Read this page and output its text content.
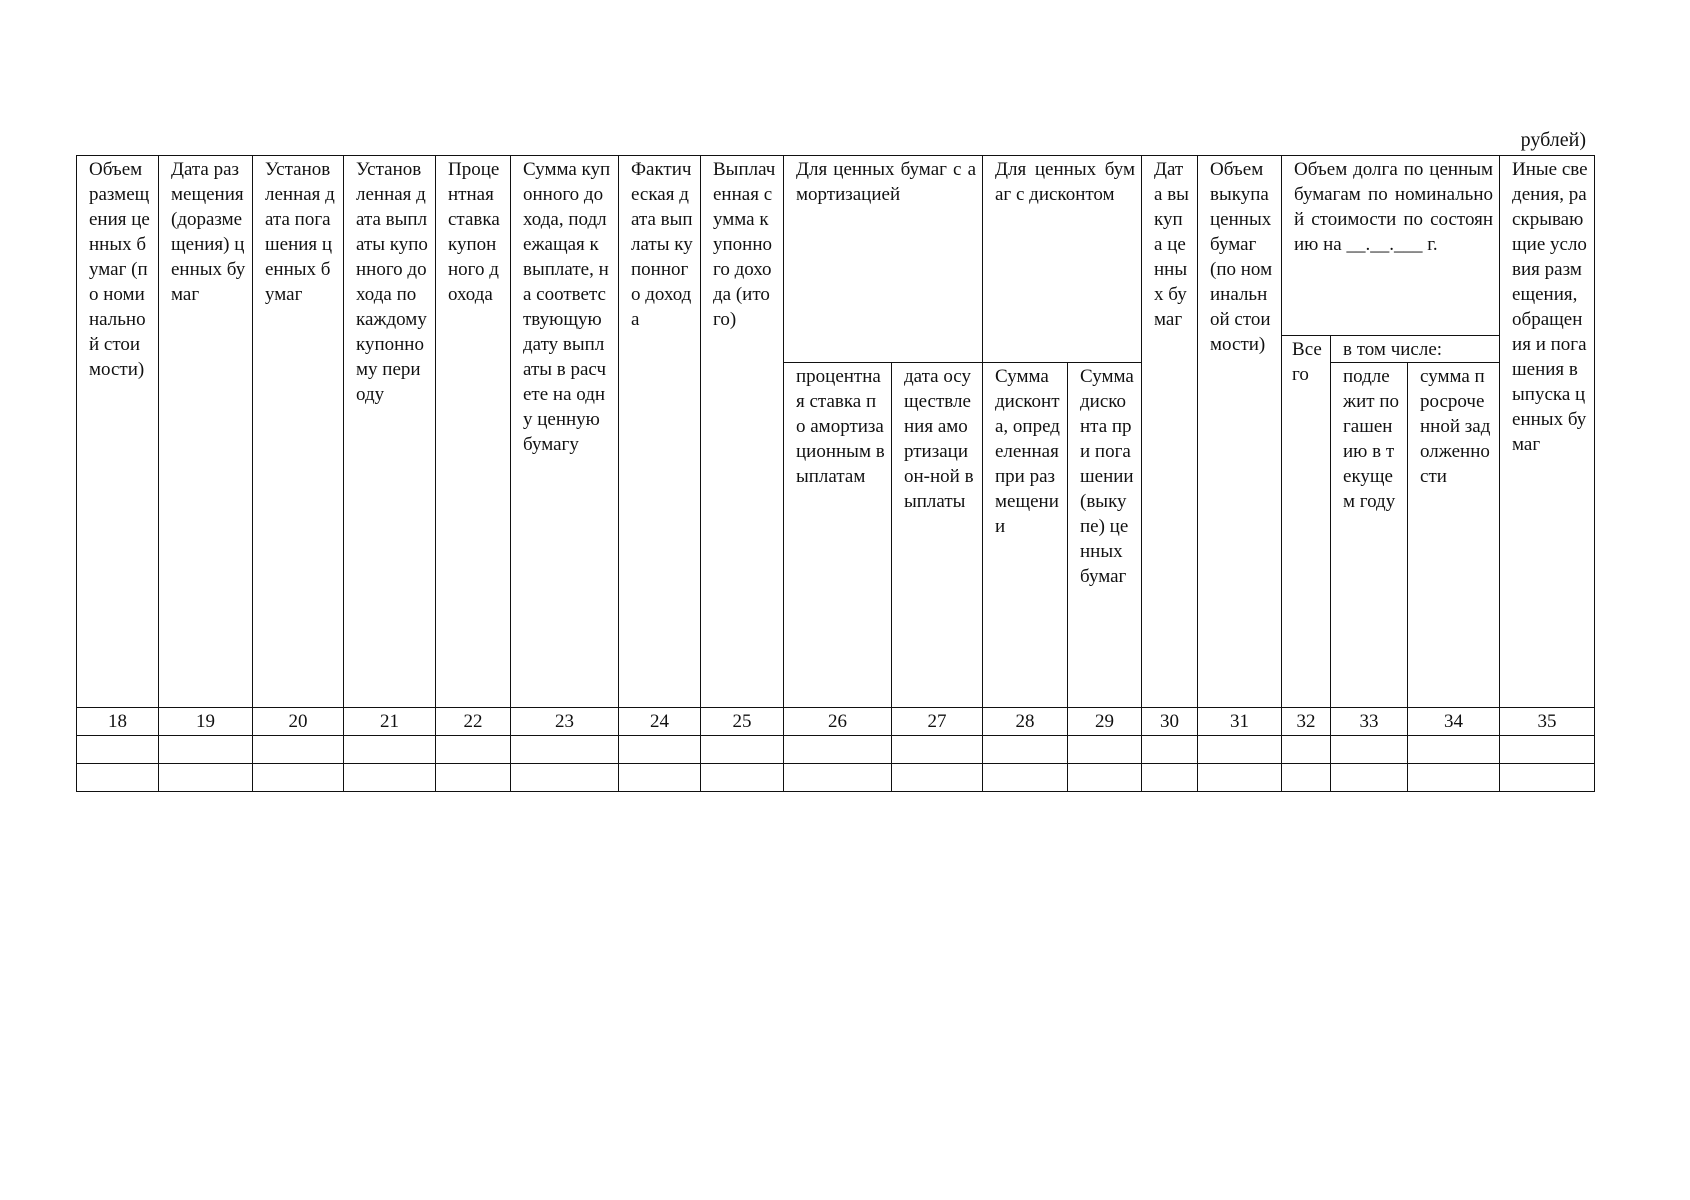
рублей)
Объем размещения ценных бумаг (по номинальной стоимости)	Дата размещения (доразмещения) ценных бумаг	Установленная дата погашения ценных бумаг	Установленная дата выплаты купонного дохода по каждому купонному периоду	Процентная ставка купонного дохода	Сумма купонного дохода, подлежащая к выплате, на соответствующую дату выплаты в расчете на одну ценную бумагу	Фактическая дата выплаты купонного дохода	Выплаченная сумма купонного дохода (итого)	Для ценных бумаг с амортизацией		Для ценных бумаг с дисконтом		Дата выкупа ценных бумаг	Объем выкупа ценных бумаг (по номинальной стоимости)	Объем долга по ценным бумагам по номинальной стоимости по состоянию на __.__.___ г.			Иные сведения, раскрывающие условия размещения, обращения и погашения выпуска ценных бумаг
														Всего	в том числе:		
								процентная ставка по амортизационным выплатам	дата осуществления амортизацион-ной выплаты	Сумма дисконта, определенная при размещении	Сумма дисконта при погашении (выкупе) ценных бумаг				подлежит погашению в текущем году	сумма просроченной задолженности	
18	19	20	21	22	23	24	25	26	27	28	29	30	31	32	33	34	35
